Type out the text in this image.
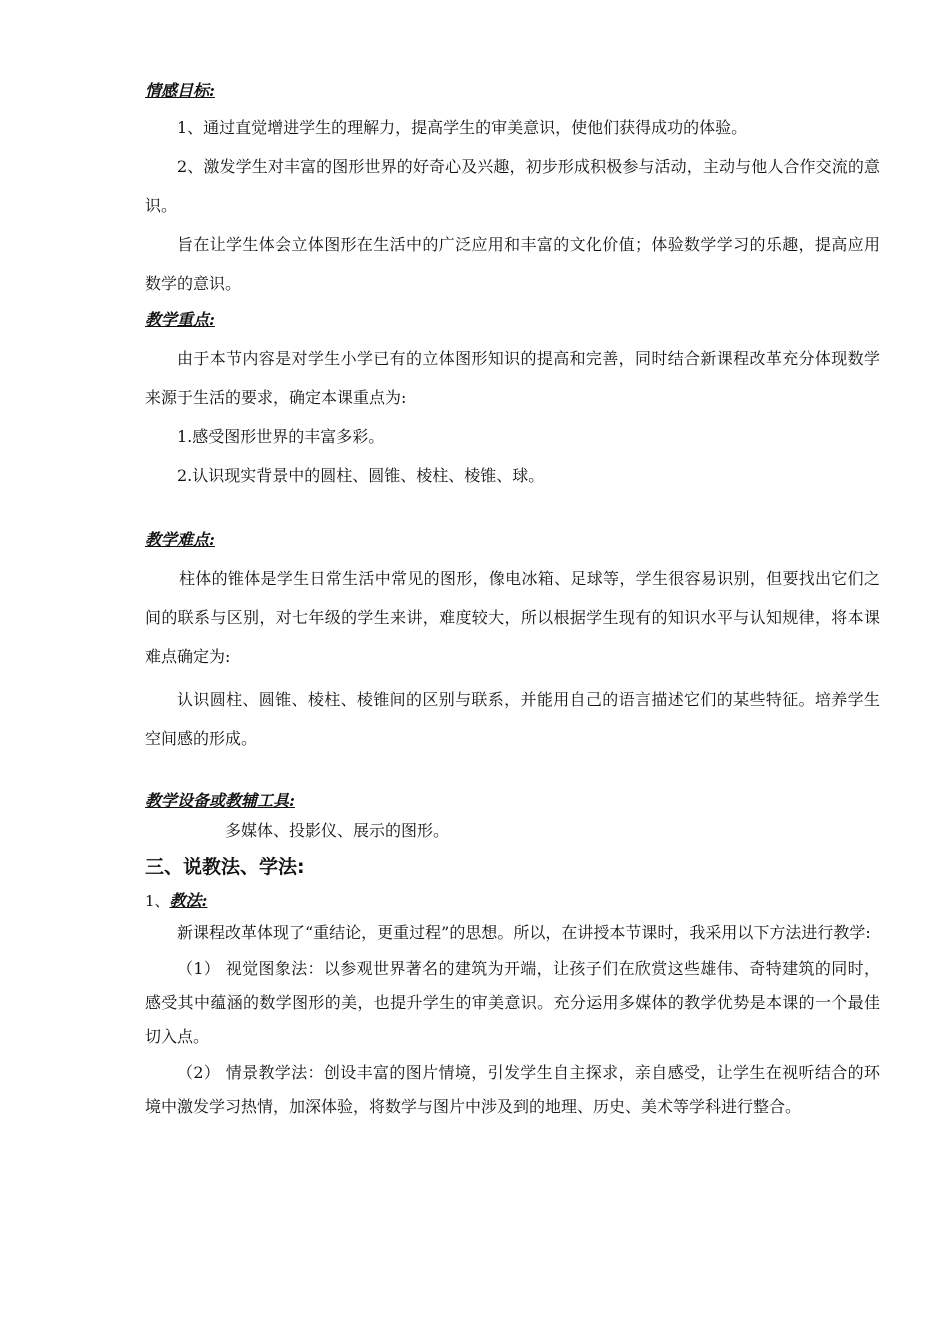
情感目标:

1、通过直觉增进学生的理解力，提高学生的审美意识，使他们获得成功的体验。

2、激发学生对丰富的图形世界的好奇心及兴趣，初步形成积极参与活动，主动与他人合作交流的意识。

旨在让学生体会立体图形在生活中的广泛应用和丰富的文化价值；体验数学学习的乐趣，提高应用数学的意识。

教学重点:

由于本节内容是对学生小学已有的立体图形知识的提高和完善，同时结合新课程改革充分体现数学来源于生活的要求，确定本课重点为:

1.感受图形世界的丰富多彩。

2.认识现实背景中的圆柱、圆锥、棱柱、棱锥、球。

教学难点:

柱体的锥体是学生日常生活中常见的图形，像电冰箱、足球等，学生很容易识别，但要找出它们之间的联系与区别，对七年级的学生来讲，难度较大，所以根据学生现有的知识水平与认知规律，将本课难点确定为:

认识圆柱、圆锥、棱柱、棱锥间的区别与联系，并能用自己的语言描述它们的某些特征。培养学生空间感的形成。

教学设备或教辅工具:

多媒体、投影仪、展示的图形。

三、说教法、学法:
1、教法:

新课程改革体现了“重结论，更重过程”的思想。所以，在讲授本节课时，我采用以下方法进行教学:

（1） 视觉图象法：以参观世界著名的建筑为开端，让孩子们在欣赏这些雄伟、奇特建筑的同时，感受其中蕴涵的数学图形的美，也提升学生的审美意识。充分运用多媒体的教学优势是本课的一个最佳切入点。

（2） 情景教学法：创设丰富的图片情境，引发学生自主探求，亲自感受，让学生在视听结合的环境中激发学习热情，加深体验，将数学与图片中涉及到的地理、历史、美术等学科进行整合。
